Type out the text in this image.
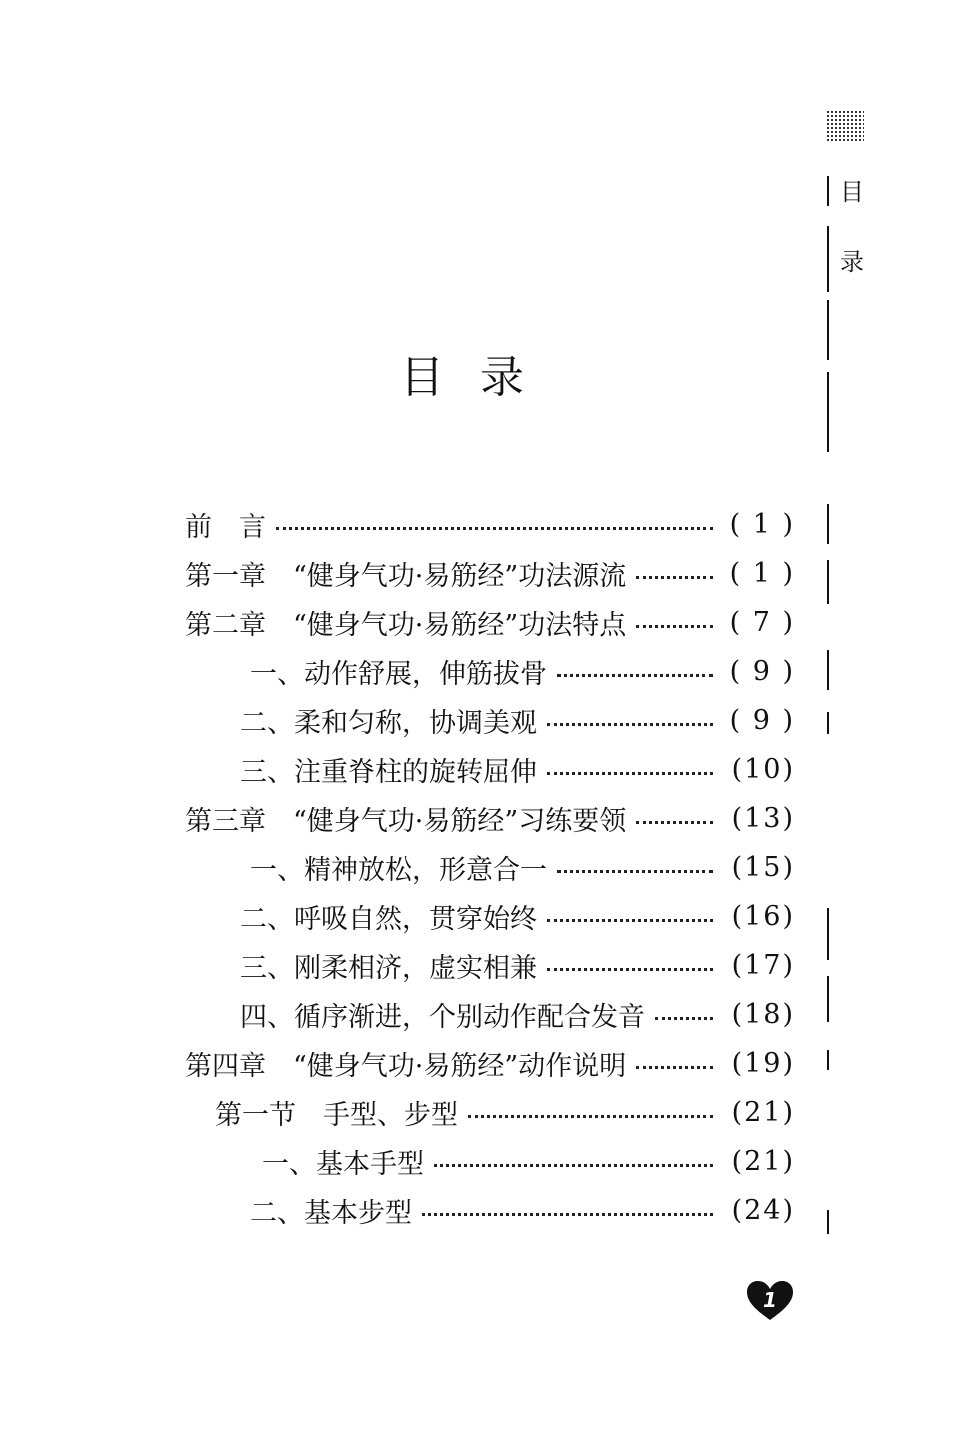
目
录
目录
前　言	( 1 )
第一章　“健身气功·易筋经”功法源流	( 1 )
第二章　“健身气功·易筋经”功法特点	( 7 )
一、动作舒展，伸筋拔骨	( 9 )
二、柔和匀称，协调美观	( 9 )
三、注重脊柱的旋转屈伸	(10)
第三章　“健身气功·易筋经”习练要领	(13)
一、精神放松，形意合一	(15)
二、呼吸自然，贯穿始终	(16)
三、刚柔相济，虚实相兼	(17)
四、循序渐进，个别动作配合发音	(18)
第四章　“健身气功·易筋经”动作说明	(19)
第一节　手型、步型	(21)
一、基本手型	(21)
二、基本步型	(24)
1
